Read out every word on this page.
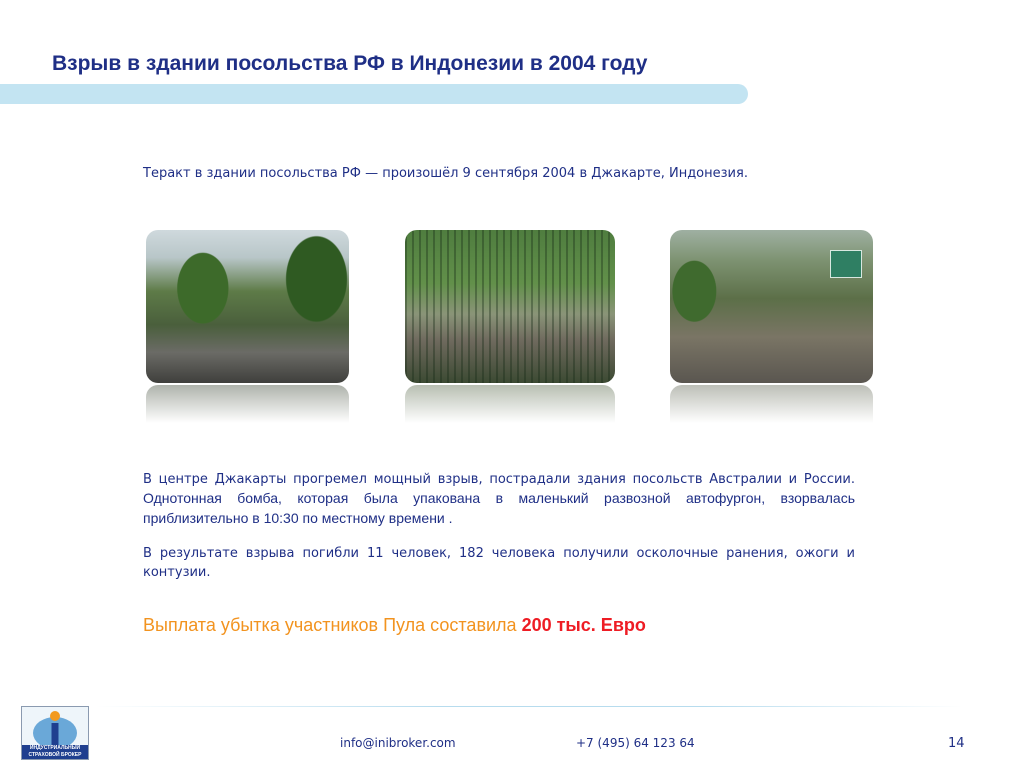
Взрыв в здании посольства РФ в Индонезии в 2004 году

Теракт в здании посольства РФ — произошёл 9 сентября 2004 в Джакарте, Индонезия.

В центре Джакарты прогремел мощный взрыв, пострадали здания посольств Австралии и России. Однотонная бомба, которая была упакована в маленький развозной автофургон, взорвалась приблизительно в 10:30 по местному времени .

В результате взрыва погибли 11 человек, 182 человека получили осколочные ранения, ожоги и контузии.

Выплата убытка участников Пула составила 200 тыс. Евро

ИНДУСТРИАЛЬНЫЙ СТРАХОВОЙ БРОКЕР
info@inibroker.com	+7 (495) 64 123 64	14
